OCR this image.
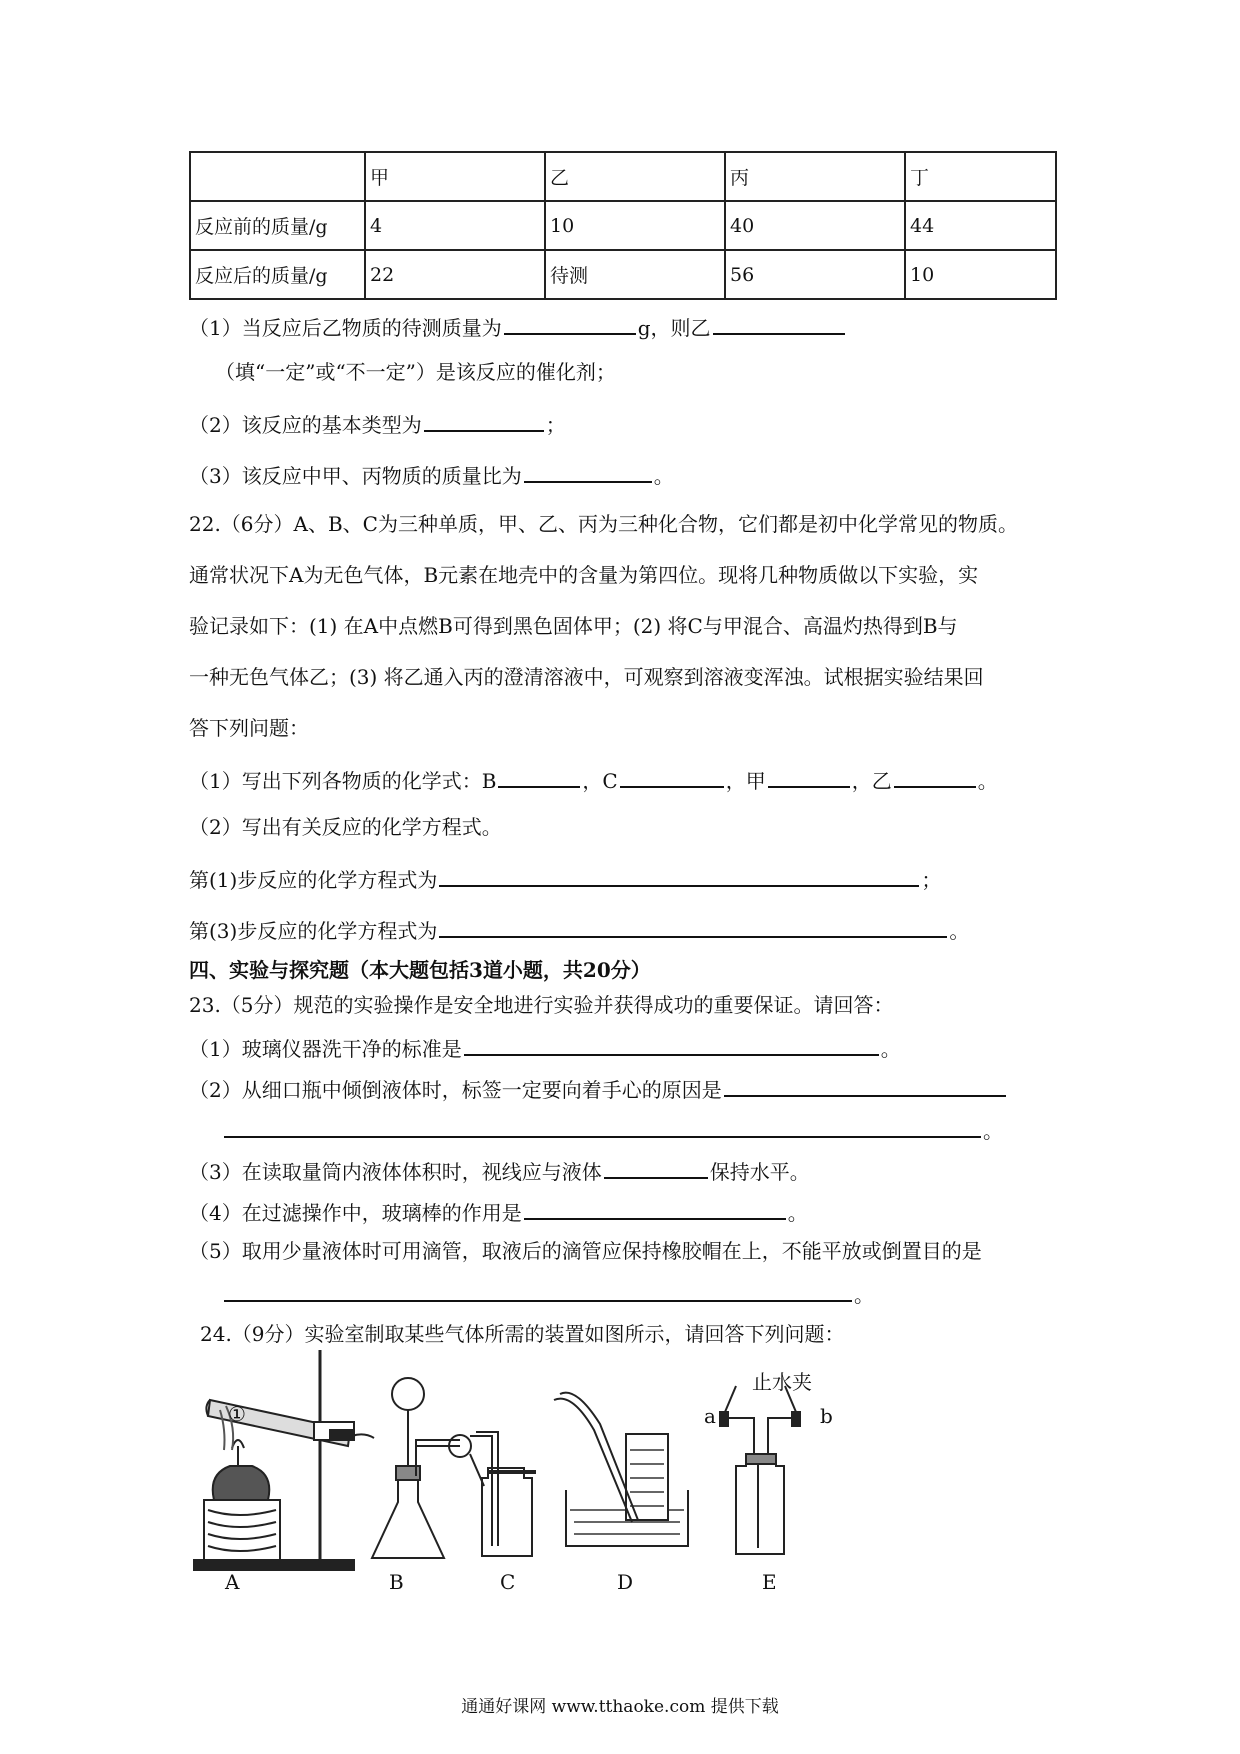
	甲	乙	丙	丁
反应前的质量/g	4	10	40	44
反应后的质量/g	22	待测	56	10
（1）当反应后乙物质的待测质量为	g，则乙
（填“一定”或“不一定”）是该反应的催化剂；
（2）该反应的基本类型为	；
（3）该反应中甲、丙物质的质量比为	。
22.（6分）A、B、C为三种单质，甲、乙、丙为三种化合物，它们都是初中化学常见的物质。
通常状况下A为无色气体，B元素在地壳中的含量为第四位。现将几种物质做以下实验，实
验记录如下：(1) 在A中点燃B可得到黑色固体甲；(2) 将C与甲混合、高温灼热得到B与
一种无色气体乙；(3) 将乙通入丙的澄清溶液中，可观察到溶液变浑浊。试根据实验结果回
答下列问题：
（1）写出下列各物质的化学式：B	，C	，甲	，乙	。
（2）写出有关反应的化学方程式。
第(1)步反应的化学方程式为	；
第(3)步反应的化学方程式为	。
四、实验与探究题（本大题包括3道小题，共20分）
23.（5分）规范的实验操作是安全地进行实验并获得成功的重要保证。请回答：
（1）玻璃仪器洗干净的标准是	。
（2）从细口瓶中倾倒液体时，标签一定要向着手心的原因是
。
（3）在读取量筒内液体体积时，视线应与液体	保持水平。
（4）在过滤操作中，玻璃棒的作用是	。
（5）取用少量液体时可用滴管，取液后的滴管应保持橡胶帽在上，不能平放或倒置目的是
。
24.（9分）实验室制取某些气体所需的装置如图所示，请回答下列问题：
①
止水夹
a	b
A	B	C	D	E
通通好课网 www.tthaoke.com 提供下载
